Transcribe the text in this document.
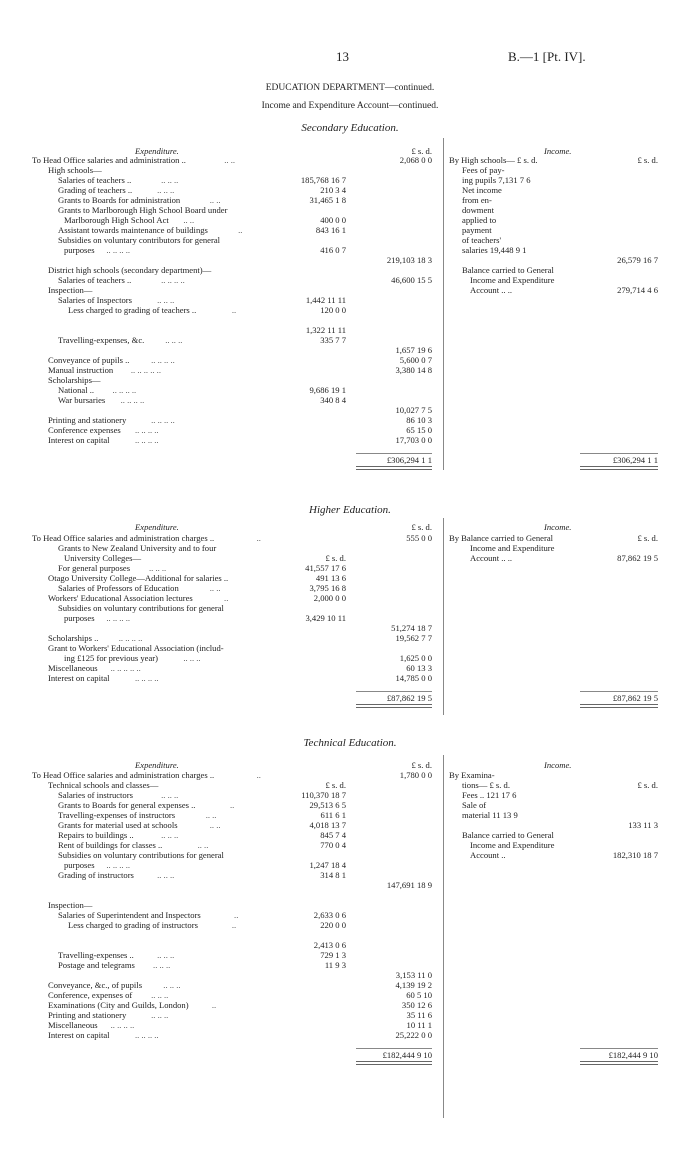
13	B.—1 [Pt. IV].
EDUCATION DEPARTMENT—continued.
Income and Expenditure Account—continued.
Secondary Education.
Expenditure.	Income.
To Head Office salaries and administration ..	.. ..	2,068 0 0
High schools—
Salaries of teachers ..	.. .. ..	185,768 16 7
Grading of teachers ..	.. .. ..	210 3 4
Grants to Boards for administration	.. ..	31,465 1 8
Grants to Marlborough High School Board under
Marlborough High School Act .. ..	400 0 0
Assistant towards maintenance of buildings	..	843 16 1
Subsidies on voluntary contributors for general
purposes .. .. .. ..	416 0 7
219,103 18 3
District high schools (secondary department)—
Salaries of teachers ..	.. .. .. ..	46,600 15 5
Inspection—
Salaries of Inspectors	.. .. ..	1,442 11 11
Less charged to grading of teachers ..	..	120 0 0
1,322 11 11
Travelling-expenses, &c. .. .. ..	335 7 7
1,657 19 6
Conveyance of pupils ..	.. .. .. ..	5,600 0 7
Manual instruction .. .. .. .. ..	3,380 14 8
Scholarships—
National .. .. .. .. ..	9,686 19 1
War bursaries .. .. .. ..	340 8 4
10,027 7 5
Printing and stationery	.. .. .. ..	86 10 3
Conference expenses .. .. .. ..	65 15 0
Interest on capital	.. .. .. ..	17,703 0 0
£306,294 1 1
£ s. d.
By High schools— £ s. d.	£ s. d.
Fees of pay-
ing pupils 7,131 7 6
Net income
from en-
dowment
applied to
payment
of teachers'
salaries 19,448 9 1
26,579 16 7
Balance carried to General
Income and Expenditure
Account .. ..	279,714 4 6
£306,294 1 1
Higher Education.
Expenditure.	Income.
To Head Office salaries and administration charges ..	..	555 0 0
Grants to New Zealand University and to four
University Colleges—	£ s. d.
For general purposes .. .. ..	41,557 17 6
Otago University College—Additional for salaries ..	491 13 6
Salaries of Professors of Education	.. ..	3,795 16 8
Workers' Educational Association lectures	..	2,000 0 0
Subsidies on voluntary contributions for general
purposes .. .. .. ..	3,429 10 11
51,274 18 7
Scholarships .. .. .. .. ..	19,562 7 7
Grant to Workers' Educational Association (includ-
ing £125 for previous year)	.. .. ..	1,625 0 0
Miscellaneous .. .. .. .. ..	60 13 3
Interest on capital	.. .. .. ..	14,785 0 0
£87,862 19 5
£ s. d.
By Balance carried to General	£ s. d.
Income and Expenditure
Account .. ..	87,862 19 5
£87,862 19 5
Technical Education.
Expenditure.	Income.
To Head Office salaries and administration charges ..	..	1,780 0 0
Technical schools and classes—	£ s. d.
Salaries of instructors	.. .. ..	110,370 18 7
Grants to Boards for general expenses ..	..	29,513 6 5
Travelling-expenses of instructors	.. ..	611 6 1
Grants for material used at schools	.. ..	4,018 13 7
Repairs to buildings ..	.. .. ..	845 7 4
Rent of buildings for classes ..	.. ..	770 0 4
Subsidies on voluntary contributions for general
purposes .. .. .. ..	1,247 18 4
Grading of instructors	.. .. ..	314 8 1
147,691 18 9
Inspection—
Salaries of Superintendent and Inspectors	..	2,633 0 6
Less charged to grading of instructors	..	220 0 0
2,413 0 6
Travelling-expenses ..	.. .. ..	729 1 3
Postage and telegrams .. .. ..	11 9 3
3,153 11 0
Conveyance, &c., of pupils .. .. ..	4,139 19 2
Conference, expenses of .. .. ..	60 5 10
Examinations (City and Guilds, London)	..	350 12 6
Printing and stationery	.. .. ..	35 11 6
Miscellaneous .. .. .. ..	10 11 1
Interest on capital	.. .. .. ..	25,222 0 0
£182,444 9 10
£ s. d.
By Examina-
tions— £ s. d.	£ s. d.
Fees .. 121 17 6
Sale of
material 11 13 9
133 11 3
Balance carried to General
Income and Expenditure
Account ..	182,310 18 7
£182,444 9 10
